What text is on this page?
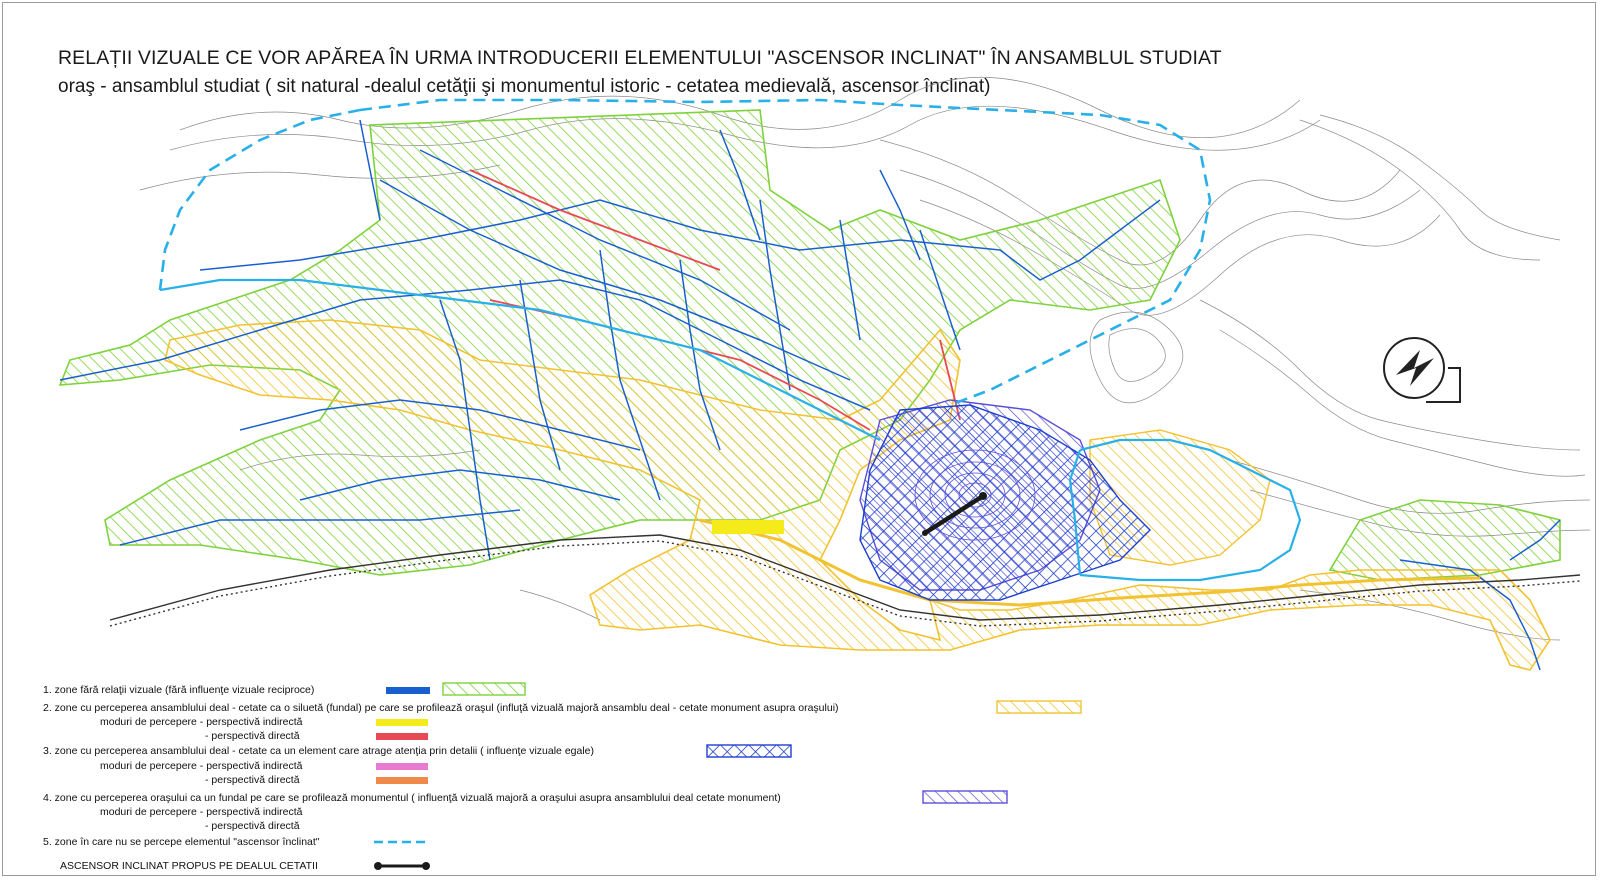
RELAȚII VIZUALE CE VOR APĂREA ÎN URMA INTRODUCERII ELEMENTULUI "ASCENSOR INCLINAT" ÎN ANSAMBLUL STUDIAT
oraş - ansamblul studiat ( sit natural -dealul cetăţii şi monumentul istoric - cetatea medievală, ascensor înclinat)
1. zone fără relaţii vizuale (fără influenţe vizuale reciproce)
2. zone cu perceperea ansamblului deal - cetate ca o siluetă (fundal) pe care se profilează oraşul (influţă vizuală majoră ansamblu deal - cetate monument asupra oraşului)
moduri de percepere - perspectivă indirectă
- perspectivă directă
3. zone cu perceperea ansamblului deal - cetate ca un element care atrage atenţia prin detalii ( influenţe vizuale egale)
moduri de percepere - perspectivă indirectă
- perspectivă directă
4. zone cu perceperea oraşului ca un fundal pe care se profilează monumentul ( influenţă vizuală majoră a oraşului asupra ansamblului deal cetate monument)
moduri de percepere - perspectivă indirectă
- perspectivă directă
5. zone în care nu se percepe elementul "ascensor înclinat"
ASCENSOR INCLINAT PROPUS PE DEALUL CETATII
